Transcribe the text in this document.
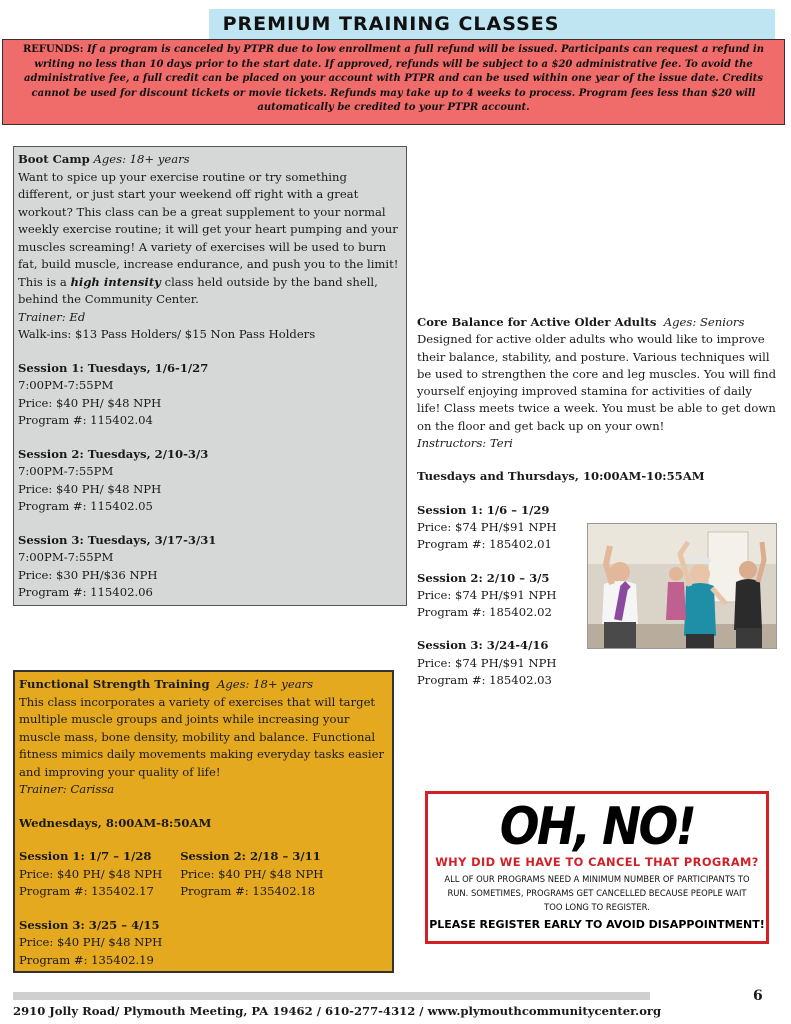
PREMIUM TRAINING CLASSES
REFUNDS: If a program is canceled by PTPR due to low enrollment a full refund will be issued. Participants can request a refund in writing no less than 10 days prior to the start date. If approved, refunds will be subject to a $20 administrative fee. To avoid the administrative fee, a full credit can be placed on your account with PTPR and can be used within one year of the issue date. Credits cannot be used for discount tickets or movie tickets. Refunds may take up to 4 weeks to process. Program fees less than $20 will automatically be credited to your PTPR account.
Boot Camp Ages: 18+ years
Want to spice up your exercise routine or try something different, or just start your weekend off right with a great workout? This class can be a great supplement to your normal weekly exercise routine; it will get your heart pumping and your muscles screaming! A variety of exercises will be used to burn fat, build muscle, increase endurance, and push you to the limit! This is a high intensity class held outside by the band shell, behind the Community Center.
Trainer: Ed
Walk-ins: $13 Pass Holders/ $15 Non Pass Holders
Session 1: Tuesdays, 1/6-1/27
7:00PM-7:55PM
Price: $40 PH/ $48 NPH
Program #: 115402.04
Session 2: Tuesdays, 2/10-3/3
7:00PM-7:55PM
Price: $40 PH/ $48 NPH
Program #: 115402.05
Session 3: Tuesdays, 3/17-3/31
7:00PM-7:55PM
Price: $30 PH/$36 NPH
Program #: 115402.06
Core Balance for Active Older Adults Ages: Seniors
Designed for active older adults who would like to improve their balance, stability, and posture. Various techniques will be used to strengthen the core and leg muscles. You will find yourself enjoying improved stamina for activities of daily life! Class meets twice a week. You must be able to get down on the floor and get back up on your own!
Instructors: Teri
Tuesdays and Thursdays, 10:00AM-10:55AM
Session 1: 1/6 – 1/29
Price: $74 PH/$91 NPH
Program #: 185402.01
Session 2: 2/10 – 3/5
Price: $74 PH/$91 NPH
Program #: 185402.02
Session 3: 3/24-4/16
Price: $74 PH/$91 NPH
Program #: 185402.03
Functional Strength Training Ages: 18+ years
This class incorporates a variety of exercises that will target multiple muscle groups and joints while increasing your muscle mass, bone density, mobility and balance. Functional fitness mimics daily movements making everyday tasks easier and improving your quality of life!
Trainer: Carissa
Wednesdays, 8:00AM-8:50AM
Session 1: 1/7 – 1/28
Price: $40 PH/ $48 NPH
Program #: 135402.17
Session 2: 2/18 – 3/11
Price: $40 PH/ $48 NPH
Program #: 135402.18
Session 3: 3/25 – 4/15
Price: $40 PH/ $48 NPH
Program #: 135402.19
OH, NO!
WHY DID WE HAVE TO CANCEL THAT PROGRAM?
ALL OF OUR PROGRAMS NEED A MINIMUM NUMBER OF PARTICIPANTS TO RUN. SOMETIMES, PROGRAMS GET CANCELLED BECAUSE PEOPLE WAIT TOO LONG TO REGISTER.
PLEASE REGISTER EARLY TO AVOID DISAPPOINTMENT!
2910 Jolly Road/ Plymouth Meeting, PA 19462 / 610-277-4312 / www.plymouthcommunitycenter.org
6
